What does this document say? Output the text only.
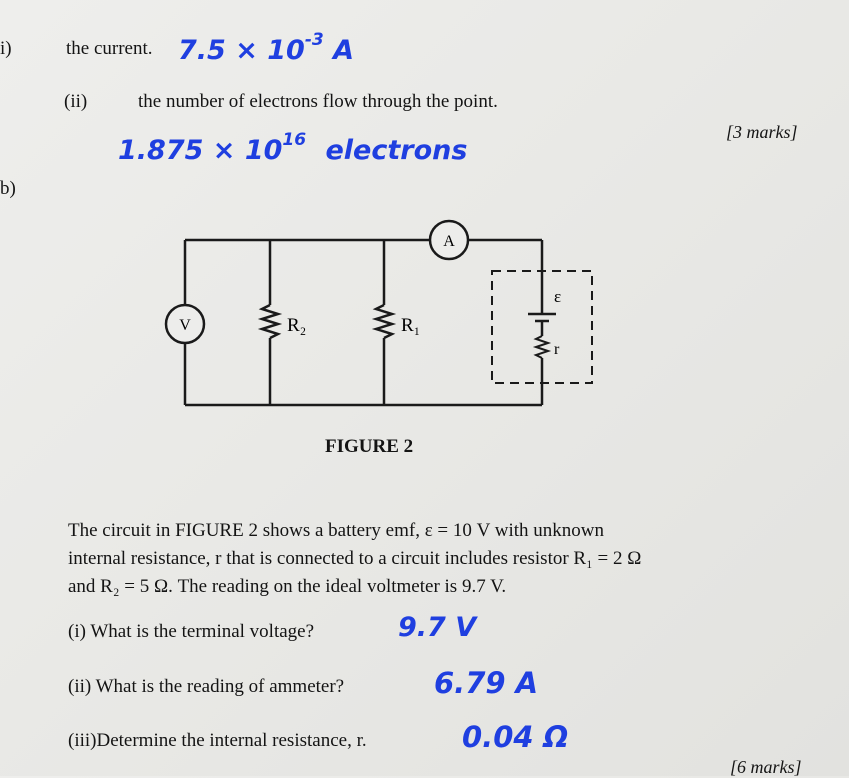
i)	the current. $7.5 \times 10^{-3}$ A
(ii)	the number of electrons flow through the point.
$1.875 \times 10^{16}$ electrons
[3 marks]
b)
A
V	R₂	R₁
ε
r
FIGURE 2
The circuit in FIGURE 2 shows a battery emf, ε = 10 V with unknown
internal resistance, r that is connected to a circuit includes resistor R₁ = 2 Ω
and R₂ = 5 Ω. The reading on the ideal voltmeter is 9.7 V.
(i) What is the terminal voltage?	9.7 V
(ii) What is the reading of ammeter?	6.79 A
(iii)Determine the internal resistance, r.	0.04 Ω
[6 marks]
